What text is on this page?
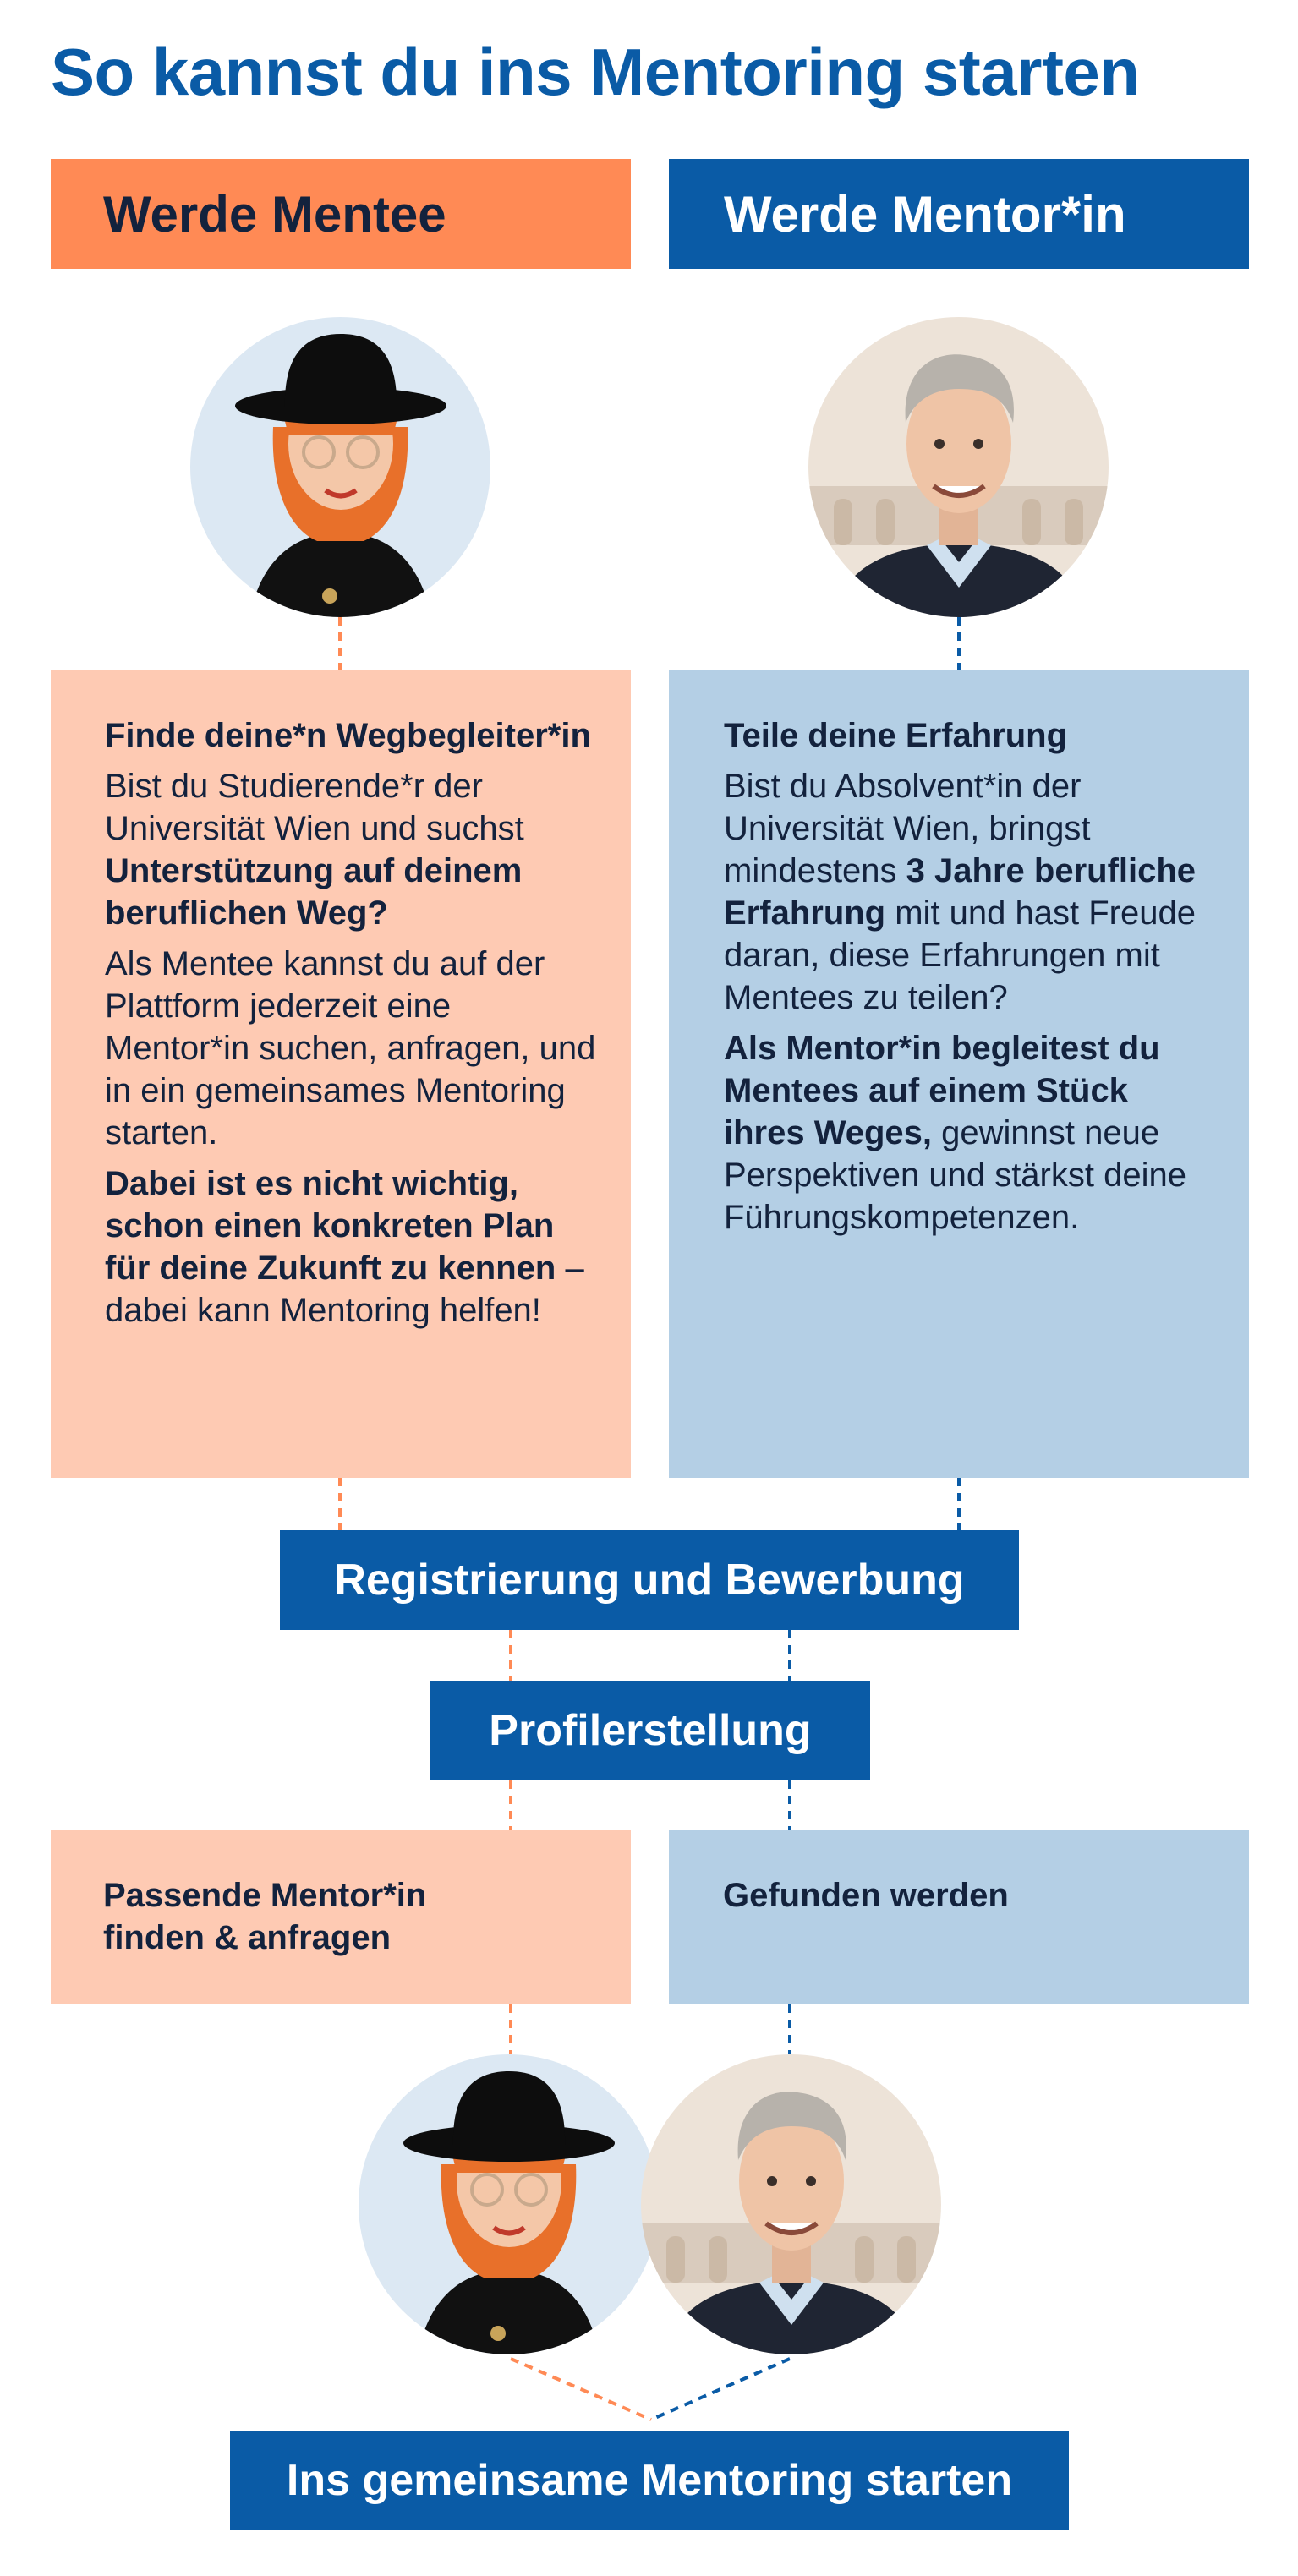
So kannst du ins Mentoring starten
Werde Mentee	Werde Mentor*in
Finde deine*n Wegbegleiter*in

Bist du Studierende*r der Universität Wien und suchst Unterstützung auf deinem beruflichen Weg?

Als Mentee kannst du auf der Plattform jederzeit eine Mentor*in suchen, anfragen, und in ein gemeinsames Mentoring starten.

Dabei ist es nicht wichtig, schon einen konkreten Plan für deine Zukunft zu kennen – dabei kann Mentoring helfen!

Teile deine Erfahrung

Bist du Absolvent*in der Universität Wien, bringst mindestens 3 Jahre berufliche Erfahrung mit und hast Freude daran, diese Erfahrungen mit Mentees zu teilen?

Als Mentor*in begleitest du Mentees auf einem Stück ihres Weges, gewinnst neue Perspektiven und stärkst deine Führungskompetenzen.

Registrierung und Bewerbung
Profilerstellung
Passende Mentor*in finden & anfragen
Gefunden werden
Ins gemeinsame Mentoring starten
